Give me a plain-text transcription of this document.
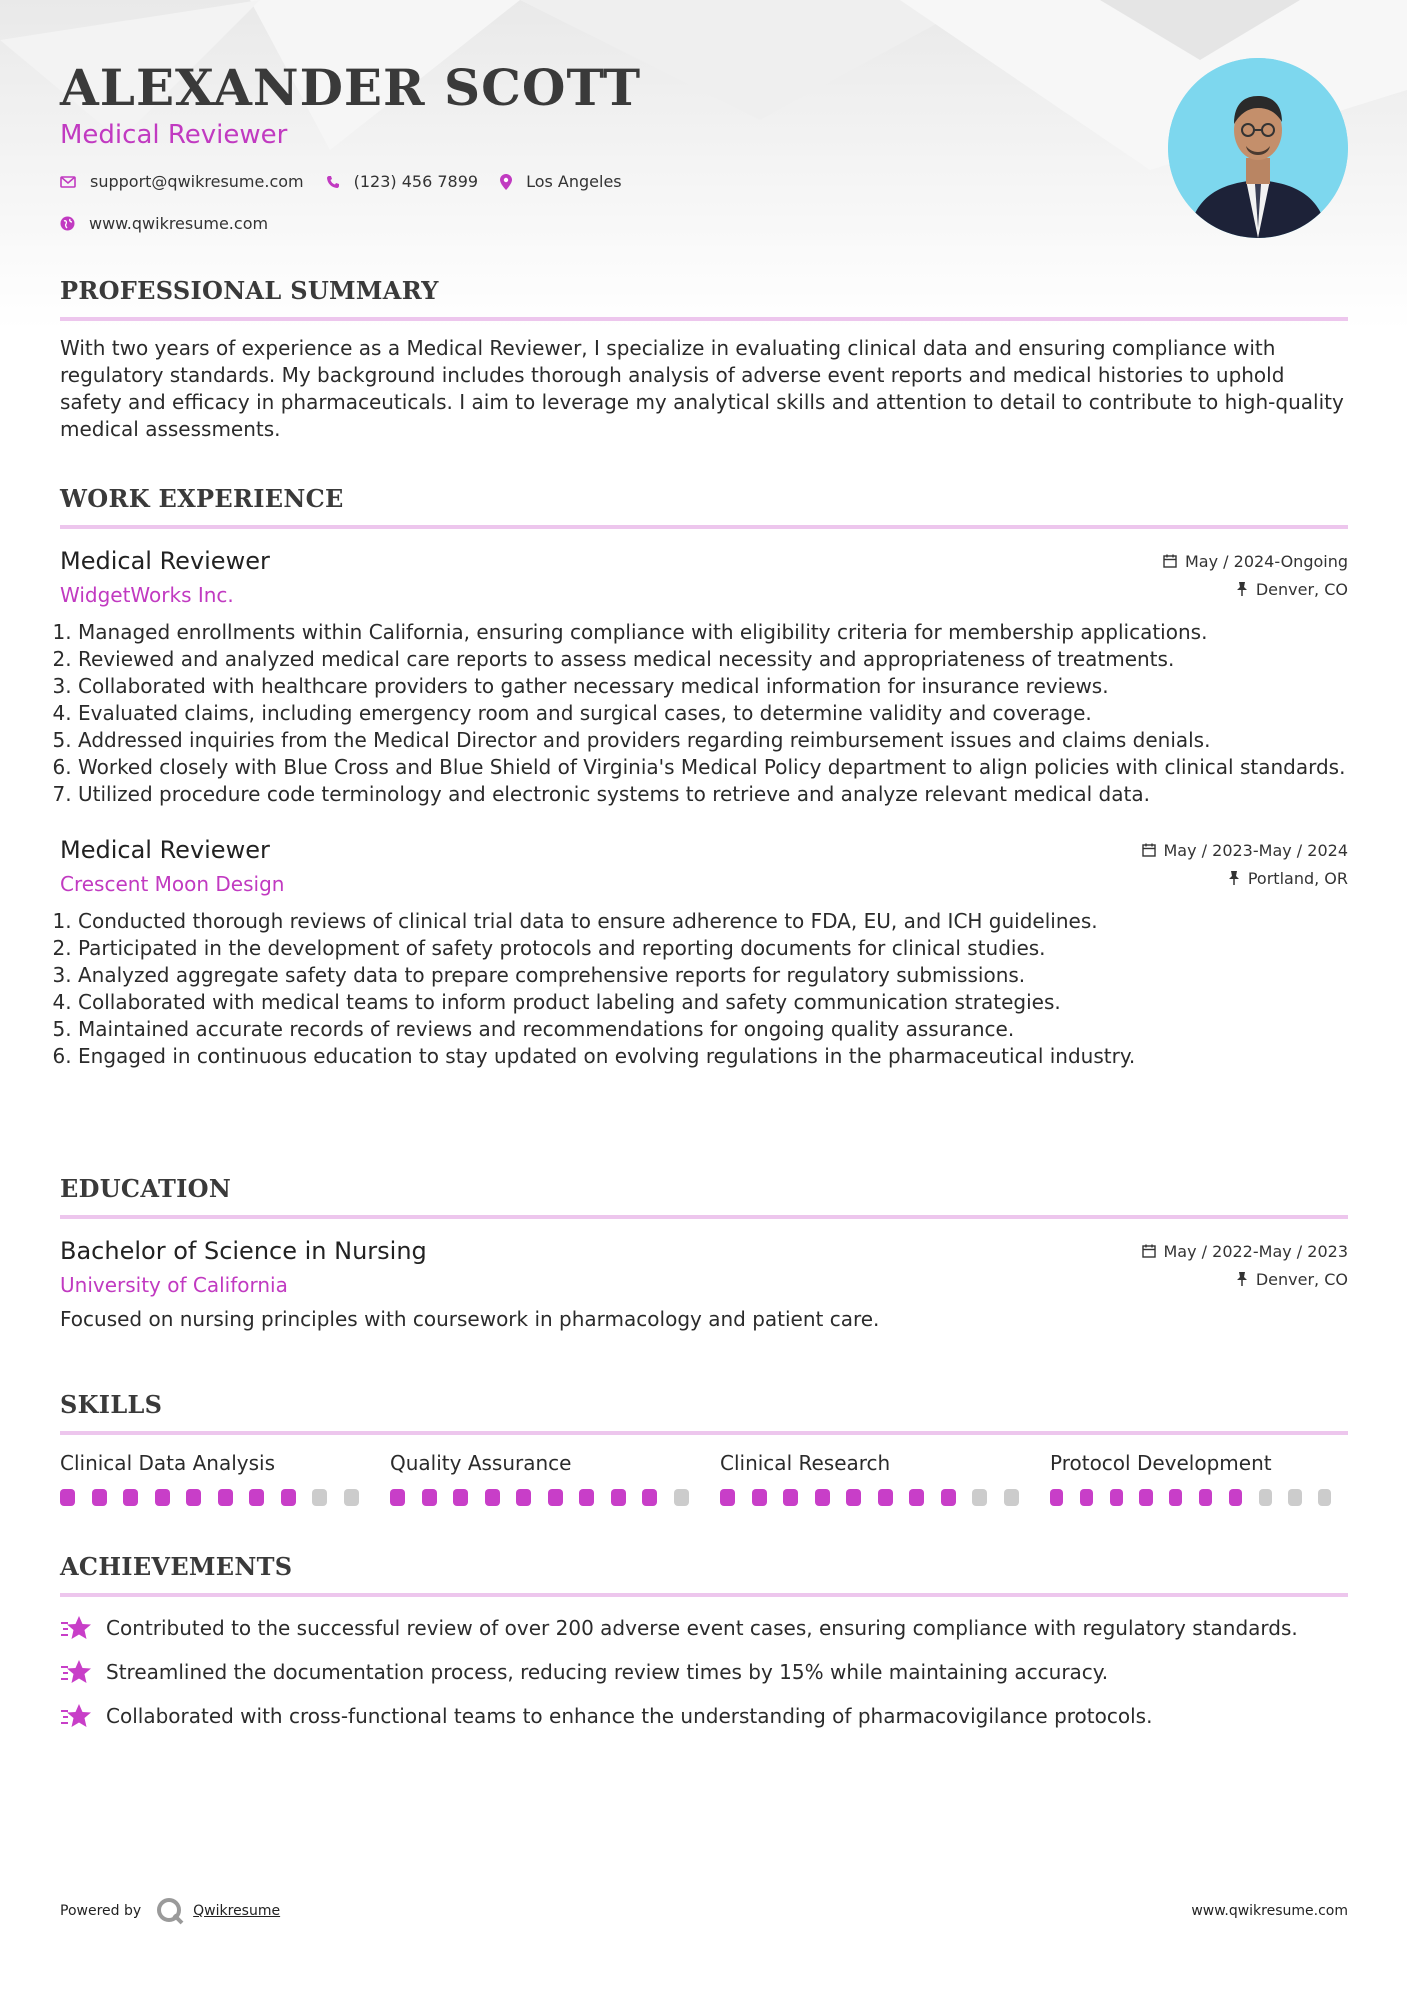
ALEXANDER SCOTT
Medical Reviewer
support@qwikresume.com	(123) 456 7899	Los Angeles
www.qwikresume.com
PROFESSIONAL SUMMARY

With two years of experience as a Medical Reviewer, I specialize in evaluating clinical data and ensuring compliance with regulatory standards. My background includes thorough analysis of adverse event reports and medical histories to uphold safety and efficacy in pharmaceuticals. I aim to leverage my analytical skills and attention to detail to contribute to high-quality medical assessments.

WORK EXPERIENCE
Medical Reviewer
WidgetWorks Inc.
May / 2024-Ongoing
Denver, CO
1. Managed enrollments within California, ensuring compliance with eligibility criteria for membership applications.
2. Reviewed and analyzed medical care reports to assess medical necessity and appropriateness of treatments.
3. Collaborated with healthcare providers to gather necessary medical information for insurance reviews.
4. Evaluated claims, including emergency room and surgical cases, to determine validity and coverage.
5. Addressed inquiries from the Medical Director and providers regarding reimbursement issues and claims denials.
6. Worked closely with Blue Cross and Blue Shield of Virginia's Medical Policy department to align policies with clinical standards.
7. Utilized procedure code terminology and electronic systems to retrieve and analyze relevant medical data.
Medical Reviewer
Crescent Moon Design
May / 2023-May / 2024
Portland, OR
1. Conducted thorough reviews of clinical trial data to ensure adherence to FDA, EU, and ICH guidelines.
2. Participated in the development of safety protocols and reporting documents for clinical studies.
3. Analyzed aggregate safety data to prepare comprehensive reports for regulatory submissions.
4. Collaborated with medical teams to inform product labeling and safety communication strategies.
5. Maintained accurate records of reviews and recommendations for ongoing quality assurance.
6. Engaged in continuous education to stay updated on evolving regulations in the pharmaceutical industry.
EDUCATION
Bachelor of Science in Nursing
University of California
May / 2022-May / 2023
Denver, CO

Focused on nursing principles with coursework in pharmacology and patient care.

SKILLS
Clinical Data Analysis	Quality Assurance	Clinical Research	Protocol Development
ACHIEVEMENTS
Contributed to the successful review of over 200 adverse event cases, ensuring compliance with regulatory standards.
Streamlined the documentation process, reducing review times by 15% while maintaining accuracy.
Collaborated with cross-functional teams to enhance the understanding of pharmacovigilance protocols.
Powered by	Qwikresume	www.qwikresume.com
